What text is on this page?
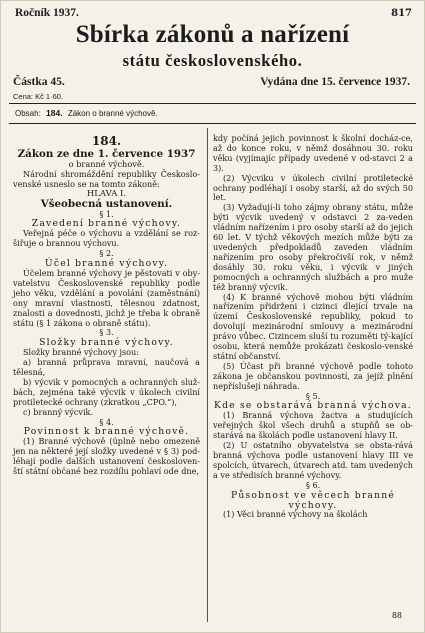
Ročník 1937.	817
Sbírka zákonů a nařízení
státu československého.
Částka 45.	Vydána dne 15. července 1937.
Cena: Kč 1·60.
Obsah: 184. Zákon o branné výchově.

184.

Zákon ze dne 1. července 1937

o branné výchově.

Národní shromáždění republiky Českoslo-venské usneslo se na tomto zákoně:

HLAVA I.

Všeobecná ustanovení.

§ 1.

Zavedení branné výchovy.

Veřejná péče o výchovu a vzdělání se roz-šiřuje o brannou výchovu.

§ 2.

Účel branné výchovy.

Účelem branné výchovy je pěstovati v oby-vatelstvu Československé republiky podle jeho věku, vzdělání a povolání (zaměstnání) ony mravní vlastnosti, tělesnou zdatnost, znalosti a dovednosti, jichž je třeba k obraně státu (§ 1 zákona o obraně státu).

§ 3.

Složky branné výchovy.

Složky branné výchovy jsou:

a) branná průprava mravní, naučová a tělesná,

b) výcvik v pomocných a ochranných služ-bách, zejména také výcvik v úkolech civilní protiletecké ochrany (zkratkou „CPO.“),

c) branný výcvik.

§ 4.

Povinnost k branné výchově.

(1) Branné výchově (úplně nebo omezeně jen na některé její složky uvedené v § 3) pod-léhají podle dalších ustanovení českosloven-ští státní občané bez rozdílu pohlaví ode dne,

kdy počíná jejich povinnost k školní docház-ce, až do konce roku, v němž dosáhnou 30. roku věku (vyjímajíc případy uvedené v od-stavci 2 a 3).

(2) Výcviku v úkolech civilní protiletecké ochrany podléhají i osoby starší, až do svých 50 let.

(3) Vyžadují-li toho zájmy obrany státu, může býti výcvik uvedený v odstavci 2 za-veden vládním nařízením i pro osoby starší až do jejich 60 let. V týchž věkových mezích může býti za uvedených předpokladů zaveden vládním nařízením pro osoby překročivší rok, v němž dosáhly 30. roku věku, i výcvik v jiných pomocných a ochranných službách a pro muže též branný výcvik.

(4) K branné výchově mohou býti vládním nařízením přidrženi i cizinci dlející trvale na území Československé republiky, pokud to dovolují mezinárodní smlouvy a mezinárodní právo vůbec. Cizincem sluší tu rozuměti tý-kající osobu, která nemůže prokázati českoslo-venské státní občanství.

(5) Účast při branné výchově podle tohoto zákona je občanskou povinností, za jejíž plnění nepříslušejí náhrada.

§ 5.

Kde se obstarává branná výchova.

(1) Branná výchova žactva a studujících veřejných škol všech druhů a stupňů se ob-starává na školách podle ustanovení hlavy II.

(2) U ostatního obyvatelstva se obsta-rává branná výchova podle ustanovení hlavy III ve spolcích, útvarech, útvarech atd. tam uvedených a ve středisích branné výchovy.

§ 6.

Působnost ve věcech branné výchovy.

(1) Věci branné výchovy na školách

88
